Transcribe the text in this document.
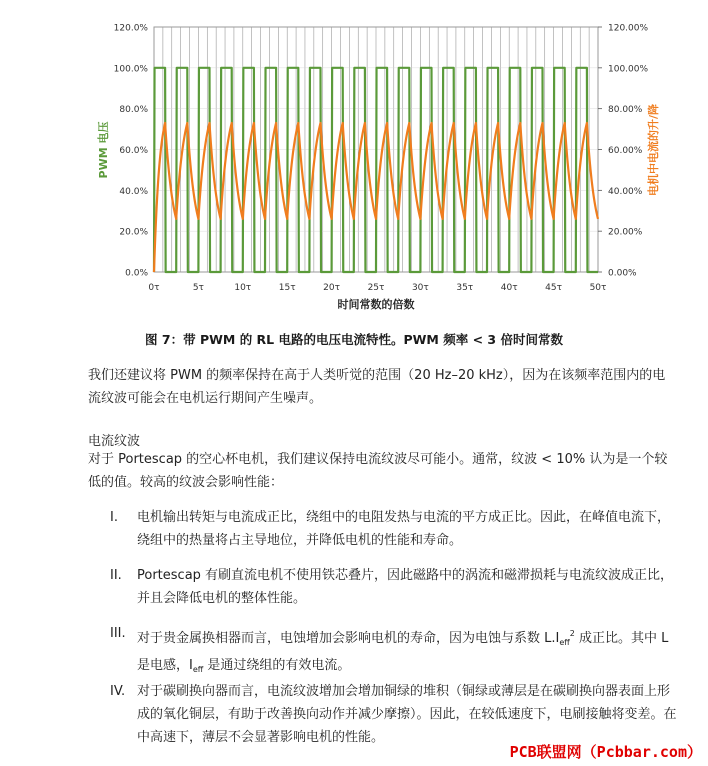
0.0%	0.00%
20.0%	20.00%
40.0%	40.00%
60.0%	60.00%
80.0%	80.00%
100.0%	100.00%
120.0%	120.00%
0τ	5τ	10τ	15τ	20τ	25τ	30τ	35τ	40τ	45τ	50τ
时间常数的倍数
PWM 电压	电机中电流的升/降
图 7：带 PWM 的 RL 电路的电压电流特性。PWM 频率 < 3 倍时间常数
我们还建议将 PWM 的频率保持在高于人类听觉的范围（20 Hz–20 kHz），因为在该频率范围内的电流纹波可能会在电机运行期间产生噪声。
电流纹波
对于 Portescap 的空心杯电机，我们建议保持电流纹波尽可能小。通常，纹波 < 10% 认为是一个较低的值。较高的纹波会影响性能：
I. 电机输出转矩与电流成正比，绕组中的电阻发热与电流的平方成正比。因此，在峰值电流下，绕组中的热量将占主导地位，并降低电机的性能和寿命。
II. Portescap 有刷直流电机不使用铁芯叠片，因此磁路中的涡流和磁滞损耗与电流纹波成正比，并且会降低电机的整体性能。
III. 对于贵金属换相器而言，电蚀增加会影响电机的寿命，因为电蚀与系数 $L.I_{eff}^2$ 成正比。其中 L 是电感，$I_{eff}$ 是通过绕组的有效电流。
IV. 对于碳刷换向器而言，电流纹波增加会增加铜绿的堆积（铜绿或薄层是在碳刷换向器表面上形成的氧化铜层，有助于改善换向动作并减少摩擦）。因此，在较低速度下，电刷接触将变差。在中高速下，薄层不会显著影响电机的性能。
PCB联盟网（Pcbbar.com）
